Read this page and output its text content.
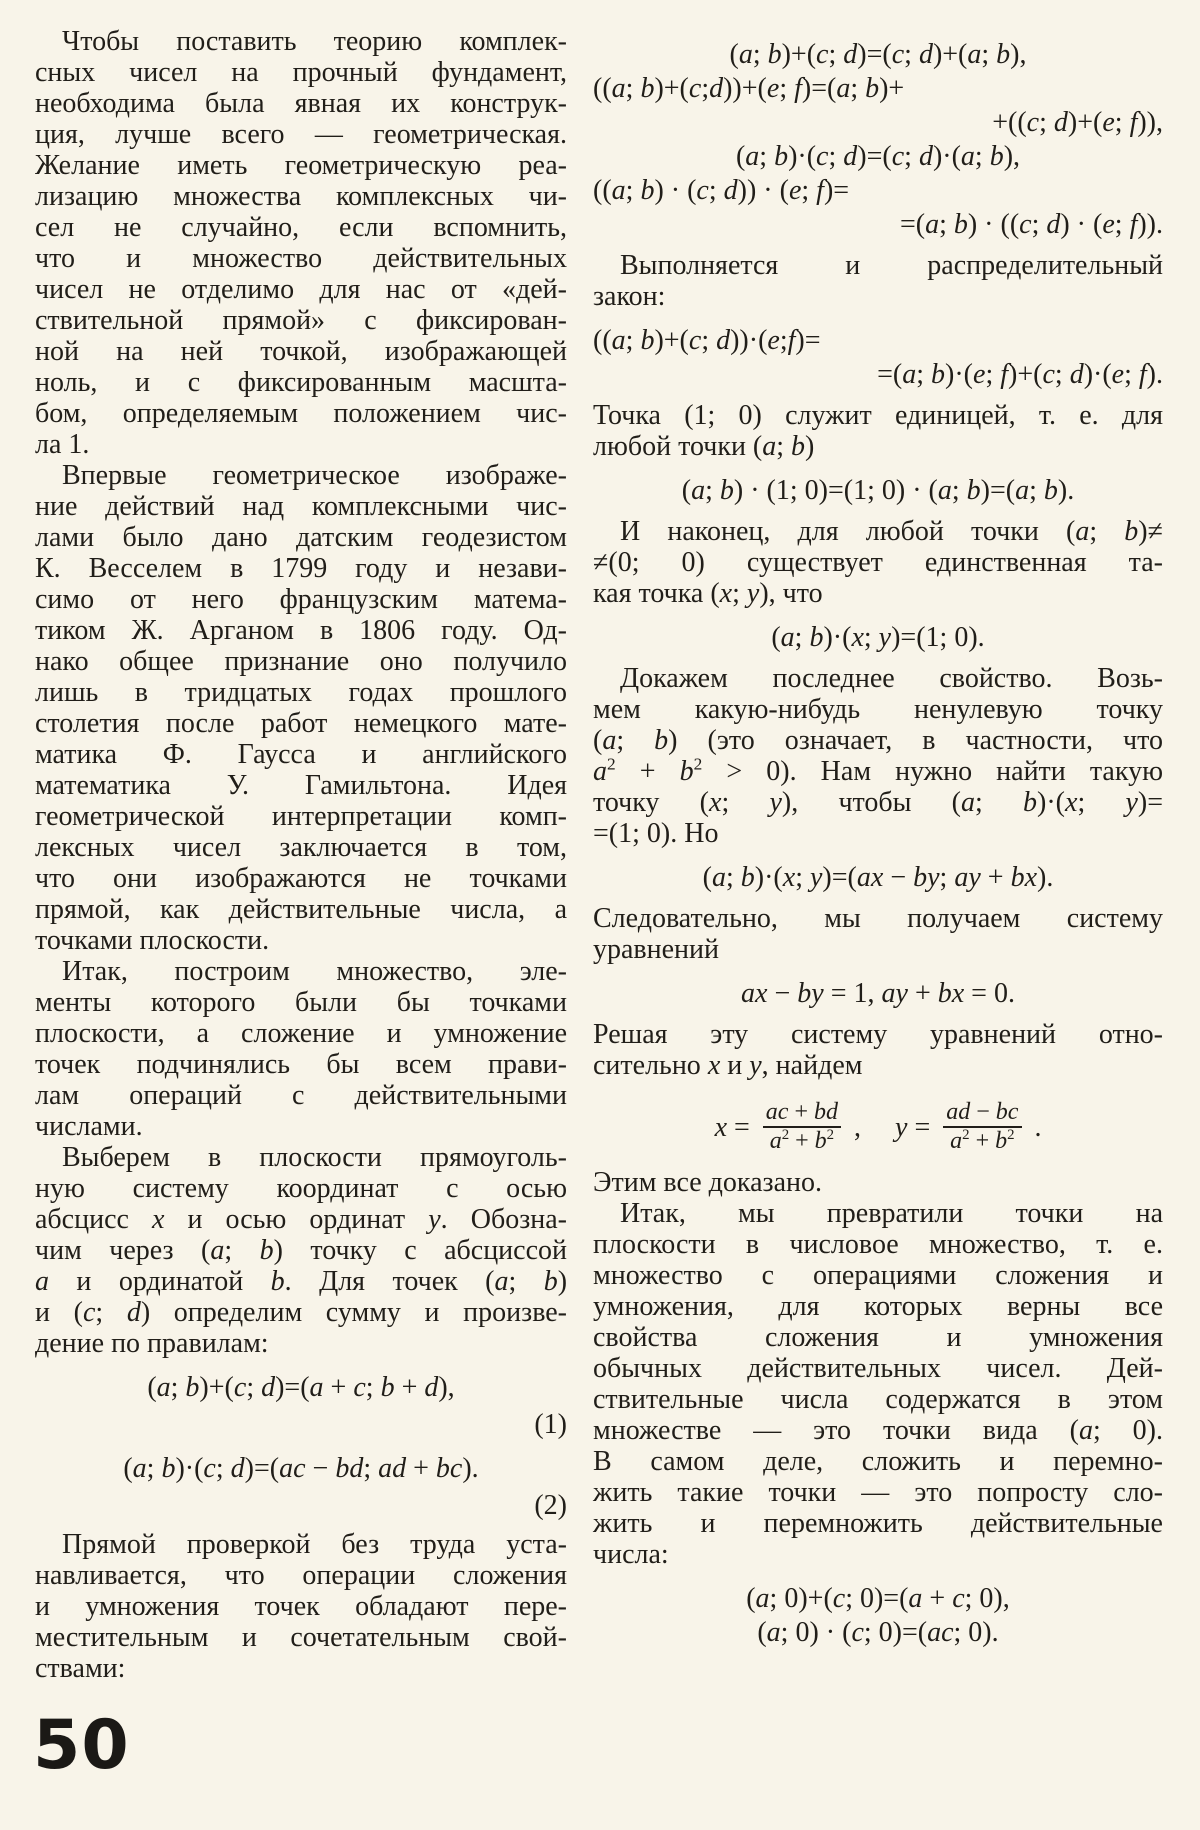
Чтобы поставить теорию комплек-
сных чисел на прочный фундамент,
необходима была явная их конструк-
ция, лучше всего — геометрическая.
Желание иметь геометрическую реа-
лизацию множества комплексных чи-
сел не случайно, если вспомнить,
что и множество действительных
чисел не отделимо для нас от «дей-
ствительной прямой» с фиксирован-
ной на ней точкой, изображающей
ноль, и с фиксированным масшта-
бом, определяемым положением чис-
ла 1.
Впервые геометрическое изображе-
ние действий над комплексными чис-
лами было дано датским геодезистом
К. Весселем в 1799 году и незави-
симо от него французским матема-
тиком Ж. Арганом в 1806 году. Од-
нако общее признание оно получило
лишь в тридцатых годах прошлого
столетия после работ немецкого мате-
матика Ф. Гаусса и английского
математика У. Гамильтона. Идея
геометрической интерпретации комп-
лексных чисел заключается в том,
что они изображаются не точками
прямой, как действительные числа, а
точками плоскости.
Итак, построим множество, эле-
менты которого были бы точками
плоскости, а сложение и умножение
точек подчинялись бы всем прави-
лам операций с действительными
числами.
Выберем в плоскости прямоуголь-
ную систему координат с осью
абсцисс x и осью ординат y. Обозна-
чим через (a; b) точку с абсциссой
a и ординатой b. Для точек (a; b)
и (c; d) определим сумму и произве-
дение по правилам:
(a; b)+(c; d)=(a + c; b + d),
(1)
(a; b)·(c; d)=(ac − bd; ad + bc).
(2)
Прямой проверкой без труда уста-
навливается, что операции сложения
и умножения точек обладают пере-
местительным и сочетательным свой-
ствами:
(a; b)+(c; d)=(c; d)+(a; b),
((a; b)+(c;d))+(e; f)=(a; b)+
+((c; d)+(e; f)),
(a; b)·(c; d)=(c; d)·(a; b),
((a; b) · (c; d)) · (e; f)=
=(a; b) · ((c; d) · (e; f)).
Выполняется и распределительный
закон:
((a; b)+(c; d))·(e;f)=
=(a; b)·(e; f)+(c; d)·(e; f).
Точка (1; 0) служит единицей, т. е. для
любой точки (a; b)
(a; b) · (1; 0)=(1; 0) · (a; b)=(a; b).
И наконец, для любой точки (a; b)≠
≠(0; 0) существует единственная та-
кая точка (x; y), что
(a; b)·(x; y)=(1; 0).
Докажем последнее свойство. Возь-
мем какую-нибудь ненулевую точку
(a; b) (это означает, в частности, что
$a^2 + b^2 > 0$). Нам нужно найти такую
точку (x; y), чтобы (a; b)·(x; y)=
=(1; 0). Но
(a; b)·(x; y)=(ax − by; ay + bx).
Следовательно, мы получаем систему
уравнений
ax − by = 1, ay + bx = 0.
Решая эту систему уравнений отно-
сительно x и y, найдем
$x = \frac{ac + bd}{a^2 + b^2}$ , $y = \frac{ad - bc}{a^2 + b^2}$ .
Этим все доказано.
Итак, мы превратили точки на
плоскости в числовое множество, т. е.
множество с операциями сложения и
умножения, для которых верны все
свойства сложения и умножения
обычных действительных чисел. Дей-
ствительные числа содержатся в этом
множестве — это точки вида (a; 0).
В самом деле, сложить и перемно-
жить такие точки — это попросту сло-
жить и перемножить действительные
числа:
(a; 0)+(c; 0)=(a + c; 0),
(a; 0) · (c; 0)=(ac; 0).
50
